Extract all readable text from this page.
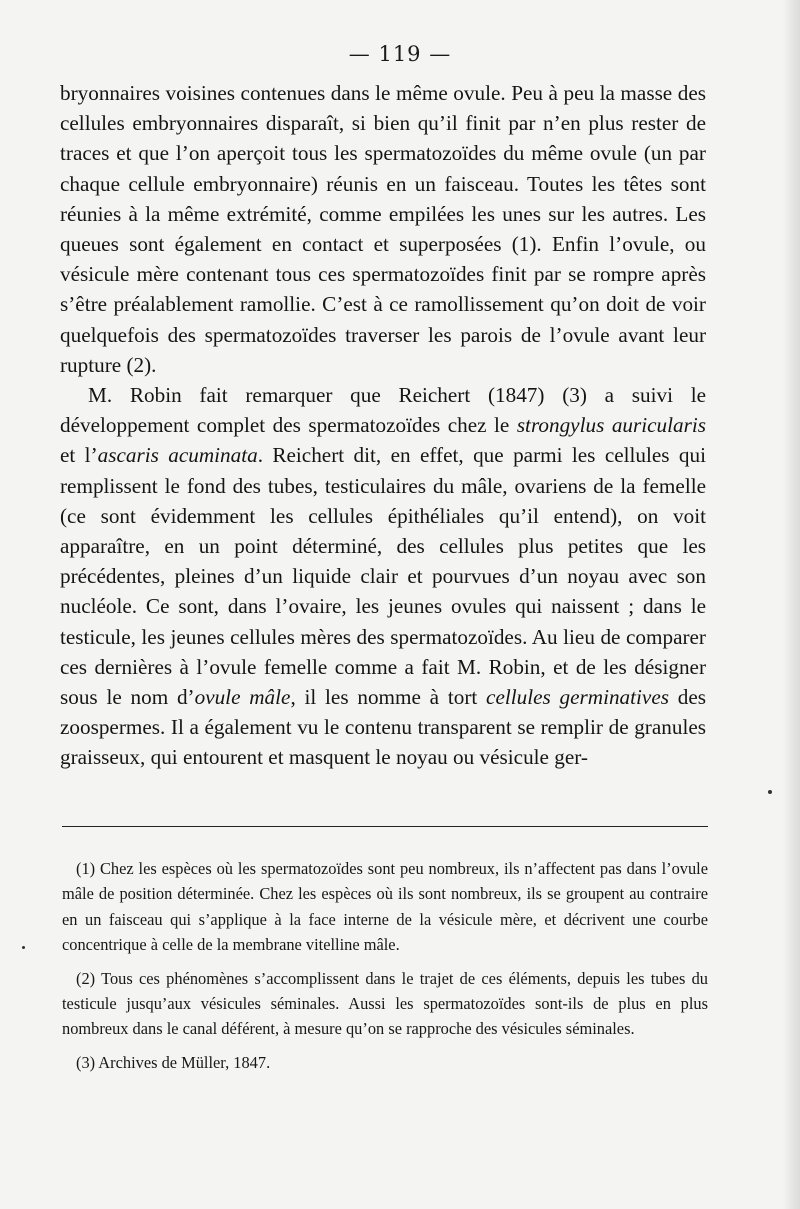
— 119 —

bryonnaires voisines contenues dans le même ovule. Peu à peu la masse des cellules embryonnaires disparaît, si bien qu’il finit par n’en plus rester de traces et que l’on aperçoit tous les spermatozoïdes du même ovule (un par chaque cellule embryonnaire) réunis en un faisceau. Toutes les têtes sont réunies à la même extrémité, comme empilées les unes sur les autres. Les queues sont également en contact et superposées (1). Enfin l’ovule, ou vésicule mère contenant tous ces spermatozoïdes finit par se rompre après s’être préalablement ramollie. C’est à ce ramollissement qu’on doit de voir quelquefois des spermatozoïdes traverser les parois de l’ovule avant leur rupture (2).

M. Robin fait remarquer que Reichert (1847) (3) a suivi le développement complet des spermatozoïdes chez le strongylus auricularis et l’ascaris acuminata. Reichert dit, en effet, que parmi les cellules qui remplissent le fond des tubes, testiculaires du mâle, ovariens de la femelle (ce sont évidemment les cellules épithéliales qu’il entend), on voit apparaître, en un point déterminé, des cellules plus petites que les précédentes, pleines d’un liquide clair et pourvues d’un noyau avec son nucléole. Ce sont, dans l’ovaire, les jeunes ovules qui naissent ; dans le testicule, les jeunes cellules mères des spermatozoïdes. Au lieu de comparer ces dernières à l’ovule femelle comme a fait M. Robin, et de les désigner sous le nom d’ovule mâle, il les nomme à tort cellules germinatives des zoospermes. Il a également vu le contenu transparent se remplir de granules graisseux, qui entourent et masquent le noyau ou vésicule ger-

(1) Chez les espèces où les spermatozoïdes sont peu nombreux, ils n’affectent pas dans l’ovule mâle de position déterminée. Chez les espèces où ils sont nombreux, ils se groupent au contraire en un faisceau qui s’applique à la face interne de la vésicule mère, et décrivent une courbe concentrique à celle de la membrane vitelline mâle.

(2) Tous ces phénomènes s’accomplissent dans le trajet de ces éléments, depuis les tubes du testicule jusqu’aux vésicules séminales. Aussi les spermatozoïdes sont-ils de plus en plus nombreux dans le canal déférent, à mesure qu’on se rapproche des vésicules séminales.

(3) Archives de Müller, 1847.
